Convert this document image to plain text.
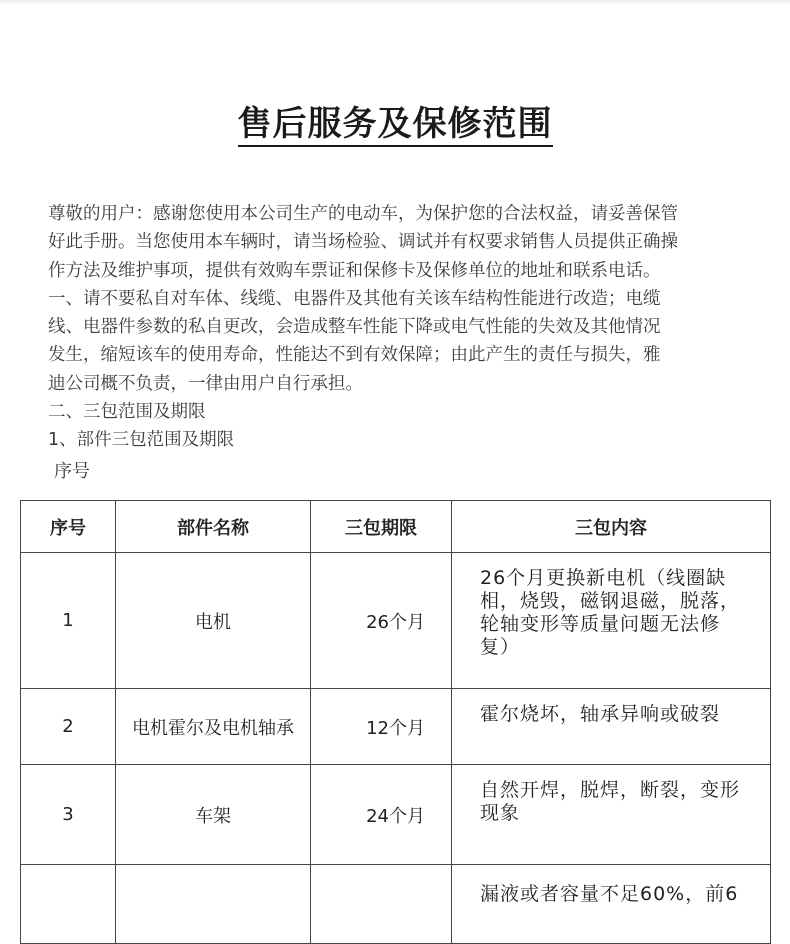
售后服务及保修范围

尊敬的用户：感谢您使用本公司生产的电动车，为保护您的合法权益，请妥善保管

好此手册。当您使用本车辆时，请当场检验、调试并有权要求销售人员提供正确操

作方法及维护事项，提供有效购车票证和保修卡及保修单位的地址和联系电话。

一、请不要私自对车体、线缆、电器件及其他有关该车结构性能进行改造；电缆

线、电器件参数的私自更改，会造成整车性能下降或电气性能的失效及其他情况

发生，缩短该车的使用寿命，性能达不到有效保障；由此产生的责任与损失，雅

迪公司概不负责，一律由用户自行承担。

二、三包范围及期限

1、部件三包范围及期限

序号
序号	部件名称	三包期限	三包内容
1	电机	26个月	26个月更换新电机（线圈缺相，烧毁，磁钢退磁，脱落，轮轴变形等质量问题无法修复）
2	电机霍尔及电机轴承	12个月	霍尔烧坏，轴承异响或破裂
3	车架	24个月	自然开焊，脱焊，断裂，变形现象
			漏液或者容量不足60%，前6
